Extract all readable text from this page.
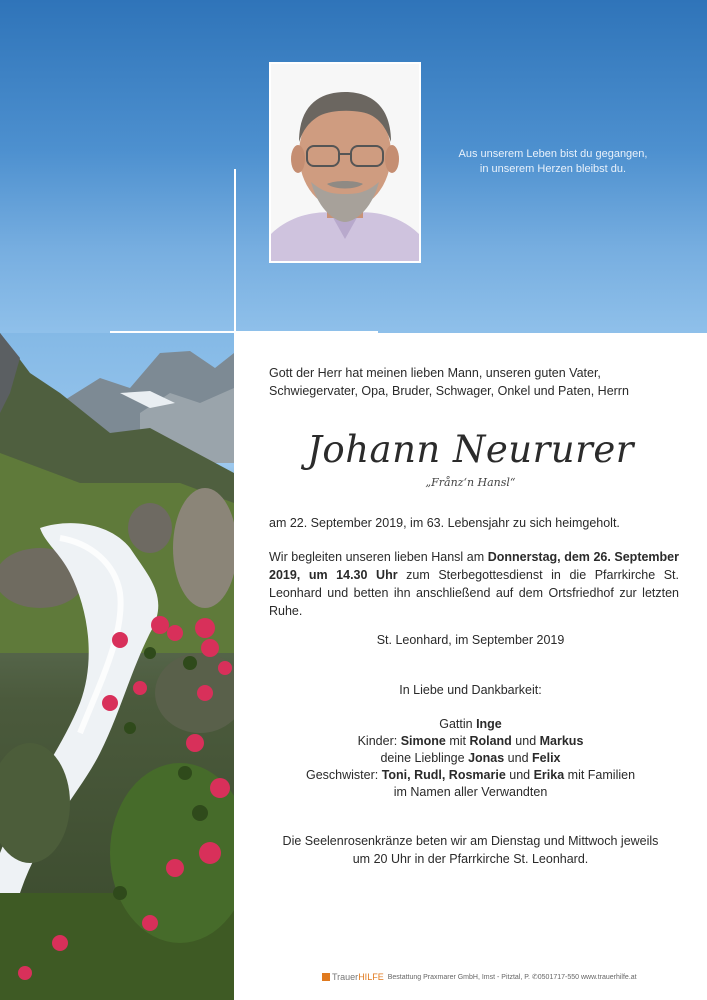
Aus unserem Leben bist du gegangen,
in unserem Herzen bleibst du.
Gott der Herr hat meinen lieben Mann, unseren guten Vater, Schwiegervater, Opa, Bruder, Schwager, Onkel und Paten, Herrn
Johann Neururer
„Frånz‘n Hansl“
am 22. September 2019, im 63. Lebensjahr zu sich heimgeholt.
Wir begleiten unseren lieben Hansl am Donnerstag, dem 26. September 2019, um 14.30 Uhr zum Sterbegottesdienst in die Pfarrkirche St. Leonhard und betten ihn anschließend auf dem Ortsfriedhof zur letzten Ruhe.
St. Leonhard, im September 2019
In Liebe und Dankbarkeit:
Gattin Inge
Kinder: Simone mit Roland und Markus
deine Lieblinge Jonas und Felix
Geschwister: Toni, Rudl, Rosmarie und Erika mit Familien
im Namen aller Verwandten
Die Seelenrosenkränze beten wir am Dienstag und Mittwoch jeweils
um 20 Uhr in der Pfarrkirche St. Leonhard.
TrauerHILFE Bestattung Praxmarer GmbH, Imst - Pitztal, P. ✆0501717-550 www.trauerhilfe.at
